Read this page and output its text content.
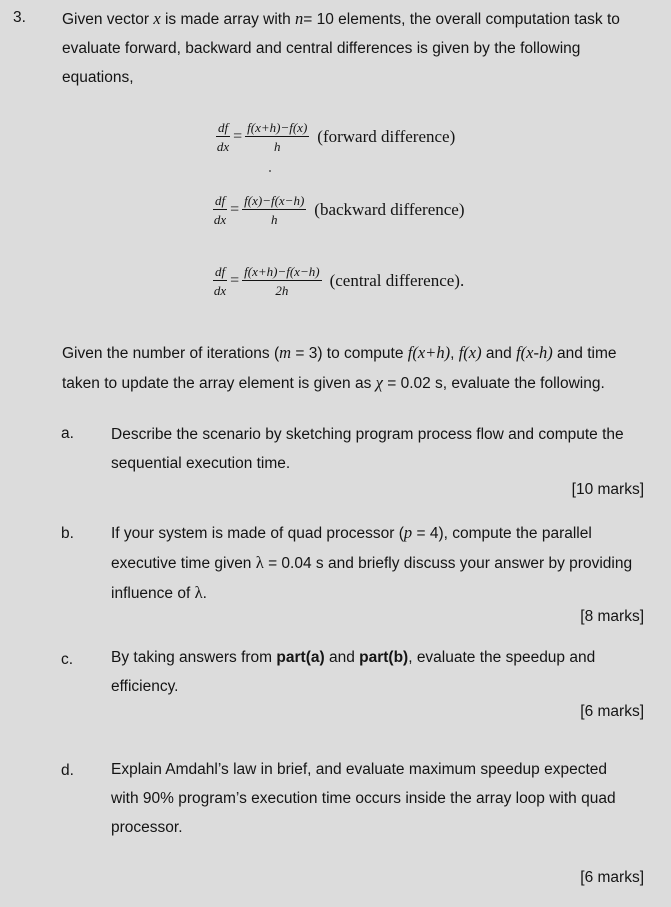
3. Given vector x is made array with n= 10 elements, the overall computation task to
evaluate forward, backward and central differences is given by the following
equations,
$\frac{df}{dx} = \frac{f(x+h)-f(x)}{h}$ (forward difference)
$\frac{df}{dx} = \frac{f(x)-f(x-h)}{h}$ (backward difference)
$\frac{df}{dx} = \frac{f(x+h)-f(x-h)}{2h}$ (central difference).
Given the number of iterations (m = 3) to compute f(x+h), f(x) and f(x-h) and time
taken to update the array element is given as χ = 0.02 s, evaluate the following.
a. Describe the scenario by sketching program process flow and compute the
sequential execution time.
[10 marks]
b. If your system is made of quad processor (p = 4), compute the parallel
executive time given λ = 0.04 s and briefly discuss your answer by providing
influence of λ.
[8 marks]
c. By taking answers from part(a) and part(b), evaluate the speedup and
efficiency.
[6 marks]
d. Explain Amdahl’s law in brief, and evaluate maximum speedup expected
with 90% program’s execution time occurs inside the array loop with quad
processor.
[6 marks]
